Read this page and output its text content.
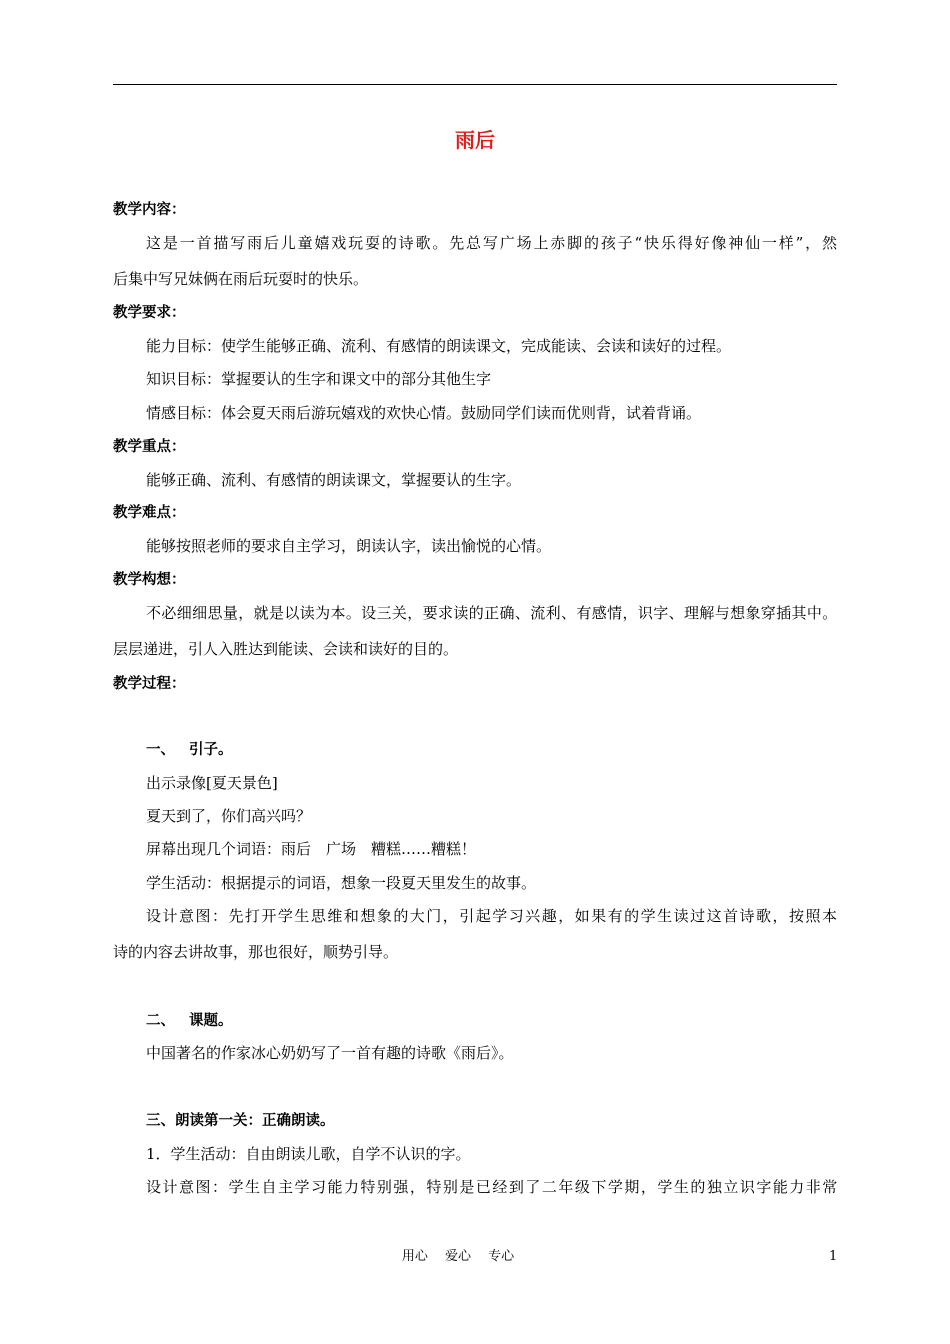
雨后
教学内容：
这是一首描写雨后儿童嬉戏玩耍的诗歌。先总写广场上赤脚的孩子“快乐得好像神仙一样”，然
后集中写兄妹俩在雨后玩耍时的快乐。
教学要求：
能力目标：使学生能够正确、流利、有感情的朗读课文，完成能读、会读和读好的过程。
知识目标：掌握要认的生字和课文中的部分其他生字
情感目标：体会夏天雨后游玩嬉戏的欢快心情。鼓励同学们读而优则背，试着背诵。
教学重点：
能够正确、流利、有感情的朗读课文，掌握要认的生字。
教学难点：
能够按照老师的要求自主学习，朗读认字，读出愉悦的心情。
教学构想：
不必细细思量，就是以读为本。设三关，要求读的正确、流利、有感情，识字、理解与想象穿插其中。
层层递进，引人入胜达到能读、会读和读好的目的。
教学过程：
一、 引子。
出示录像[夏天景色]
夏天到了，你们高兴吗？
屏幕出现几个词语：雨后　广场　糟糕……糟糕！
学生活动：根据提示的词语，想象一段夏天里发生的故事。
设计意图：先打开学生思维和想象的大门，引起学习兴趣，如果有的学生读过这首诗歌，按照本
诗的内容去讲故事，那也很好，顺势引导。
二、 课题。
中国著名的作家冰心奶奶写了一首有趣的诗歌《雨后》。
三、朗读第一关：正确朗读。
1．学生活动：自由朗读儿歌，自学不认识的字。
设计意图：学生自主学习能力特别强，特别是已经到了二年级下学期，学生的独立识字能力非常
用心　 爱心　 专心	1
